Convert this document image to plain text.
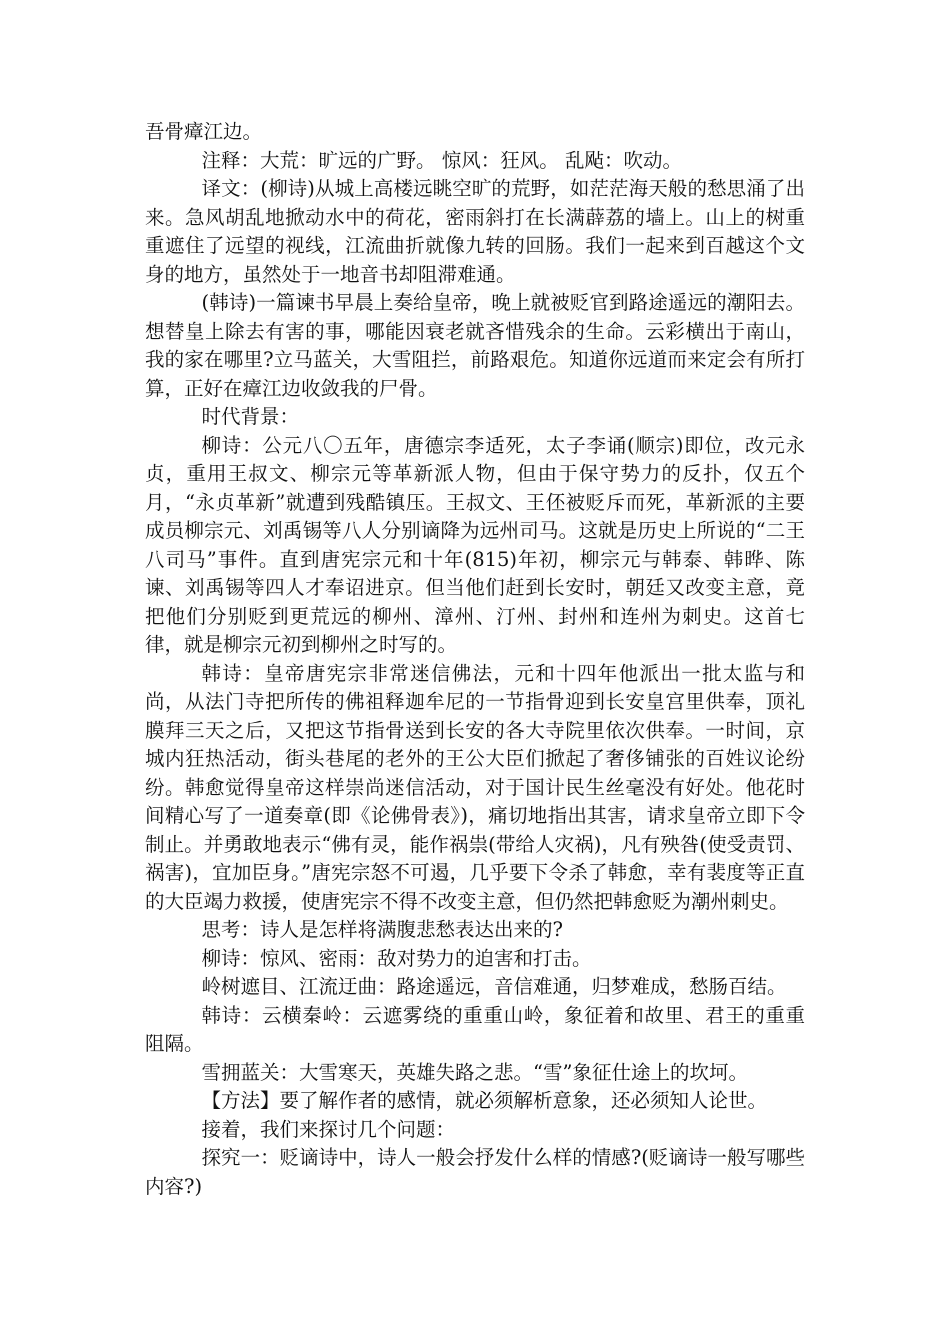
吾骨瘴江边。

注释：大荒：旷远的广野。 惊风：狂风。 乱飐：吹动。

译文：(柳诗)从城上高楼远眺空旷的荒野，如茫茫海天般的愁思涌了出来。急风胡乱地掀动水中的荷花，密雨斜打在长满薜荔的墙上。山上的树重重遮住了远望的视线，江流曲折就像九转的回肠。我们一起来到百越这个文身的地方，虽然处于一地音书却阻滞难通。

(韩诗)一篇谏书早晨上奏给皇帝，晚上就被贬官到路途遥远的潮阳去。想替皇上除去有害的事，哪能因衰老就吝惜残余的生命。云彩横出于南山，我的家在哪里?立马蓝关，大雪阻拦，前路艰危。知道你远道而来定会有所打算，正好在瘴江边收敛我的尸骨。

时代背景：

柳诗：公元八〇五年，唐德宗李适死，太子李诵(顺宗)即位，改元永贞，重用王叔文、柳宗元等革新派人物，但由于保守势力的反扑，仅五个月，“永贞革新”就遭到残酷镇压。王叔文、王伾被贬斥而死，革新派的主要成员柳宗元、刘禹锡等八人分别谪降为远州司马。这就是历史上所说的“二王 八司马”事件。直到唐宪宗元和十年(815)年初，柳宗元与韩泰、韩晔、陈谏、刘禹锡等四人才奉诏进京。但当他们赶到长安时，朝廷又改变主意，竟把他们分别贬到更荒远的柳州、漳州、汀州、封州和连州为刺史。这首七律，就是柳宗元初到柳州之时写的。

韩诗：皇帝唐宪宗非常迷信佛法，元和十四年他派出一批太监与和尚，从法门寺把所传的佛祖释迦牟尼的一节指骨迎到长安皇宫里供奉，顶礼膜拜三天之后，又把这节指骨送到长安的各大寺院里依次供奉。一时间，京城内狂热活动，街头巷尾的老外的王公大臣们掀起了奢侈铺张的百姓议论纷纷。韩愈觉得皇帝这样崇尚迷信活动，对于国计民生丝毫没有好处。他花时间精心写了一道奏章(即《论佛骨表》)，痛切地指出其害，请求皇帝立即下令制止。并勇敢地表示“佛有灵，能作祸祟(带给人灾祸)，凡有殃咎(使受责罚、祸害)，宜加臣身。”唐宪宗怒不可遏，几乎要下令杀了韩愈，幸有裴度等正直的大臣竭力救援，使唐宪宗不得不改变主意，但仍然把韩愈贬为潮州刺史。

思考：诗人是怎样将满腹悲愁表达出来的?

柳诗：惊风、密雨：敌对势力的迫害和打击。

岭树遮目、江流迂曲：路途遥远，音信难通，归梦难成，愁肠百结。

韩诗：云横秦岭：云遮雾绕的重重山岭，象征着和故里、君王的重重阻隔。

雪拥蓝关：大雪寒天，英雄失路之悲。“雪”象征仕途上的坎坷。

【方法】要了解作者的感情，就必须解析意象，还必须知人论世。

接着，我们来探讨几个问题：

探究一：贬谪诗中，诗人一般会抒发什么样的情感?(贬谪诗一般写哪些内容?)
